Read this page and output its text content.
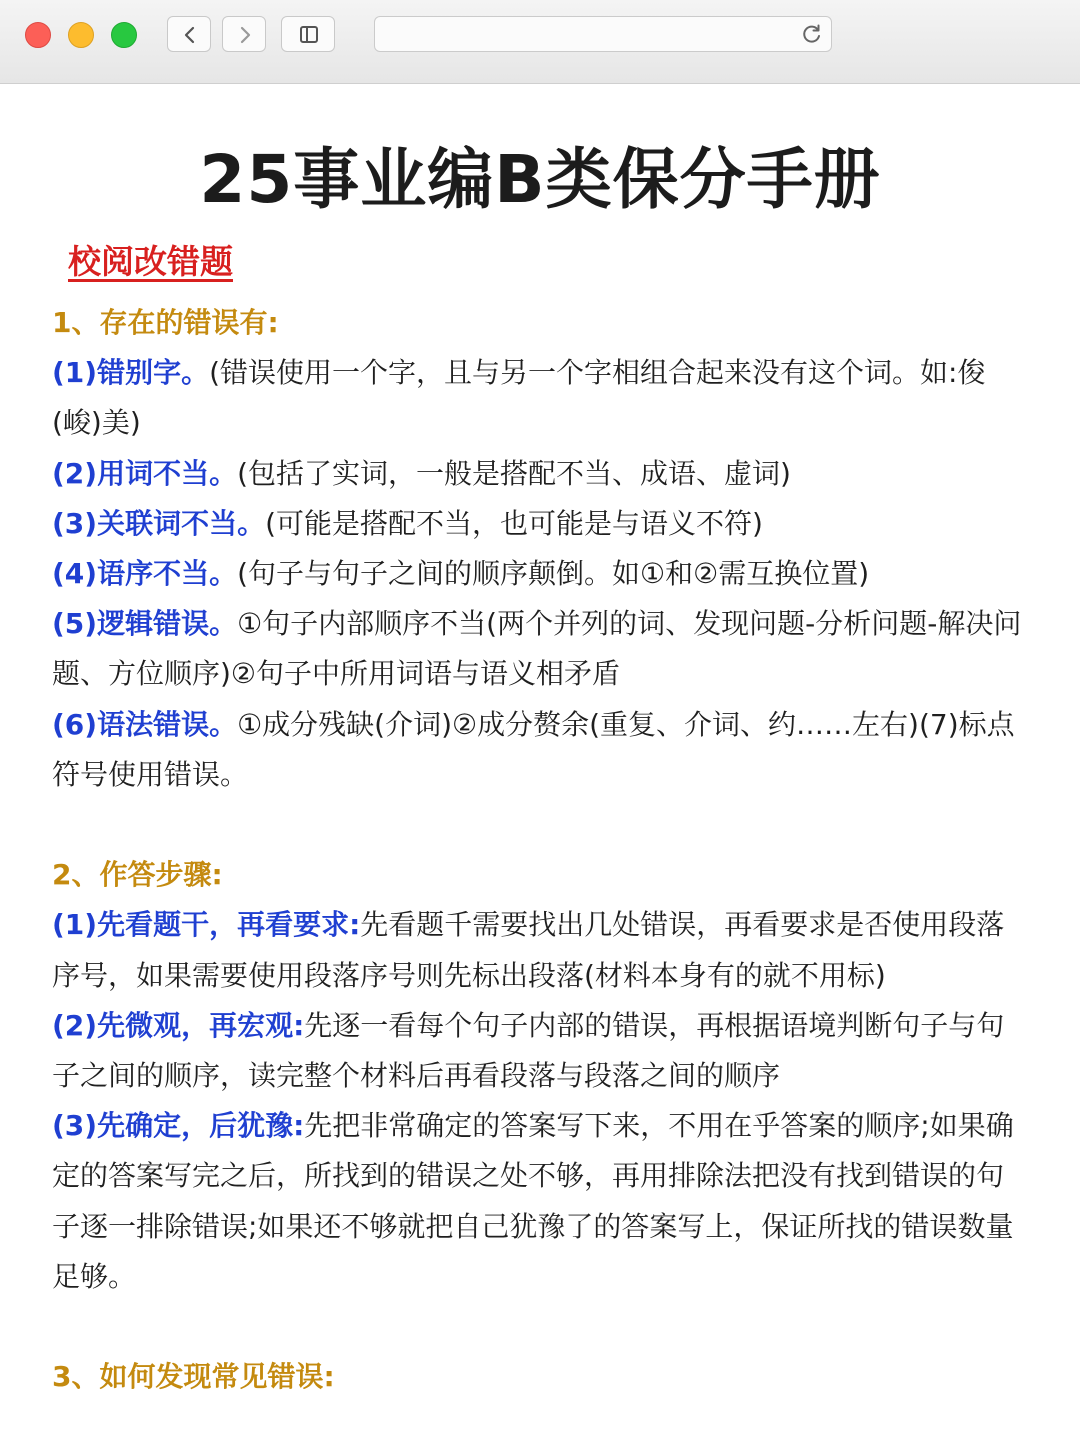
25事业编B类保分手册
校阅改错题

1、存在的错误有:

(1)错别字。(错误使用一个字，且与另一个字相组合起来没有这个词。如:俊(峻)美)

(2)用词不当。(包括了实词，一般是搭配不当、成语、虚词)

(3)关联词不当。(可能是搭配不当，也可能是与语义不符)

(4)语序不当。(句子与句子之间的顺序颠倒。如①和②需互换位置)

(5)逻辑错误。①句子内部顺序不当(两个并列的词、发现问题-分析问题-解决问题、方位顺序)②句子中所用词语与语义相矛盾

(6)语法错误。①成分残缺(介词)②成分赘余(重复、介词、约……左右)(7)标点符号使用错误。

2、作答步骤:

(1)先看题干，再看要求:先看题千需要找出几处错误，再看要求是否使用段落序号，如果需要使用段落序号则先标出段落(材料本身有的就不用标)

(2)先微观，再宏观:先逐一看每个句子内部的错误，再根据语境判断句子与句子之间的顺序，读完整个材料后再看段落与段落之间的顺序

(3)先确定，后犹豫:先把非常确定的答案写下来，不用在乎答案的顺序;如果确定的答案写完之后，所找到的错误之处不够，再用排除法把没有找到错误的句子逐一排除错误;如果还不够就把自己犹豫了的答案写上，保证所找的错误数量足够。

3、如何发现常见错误:
